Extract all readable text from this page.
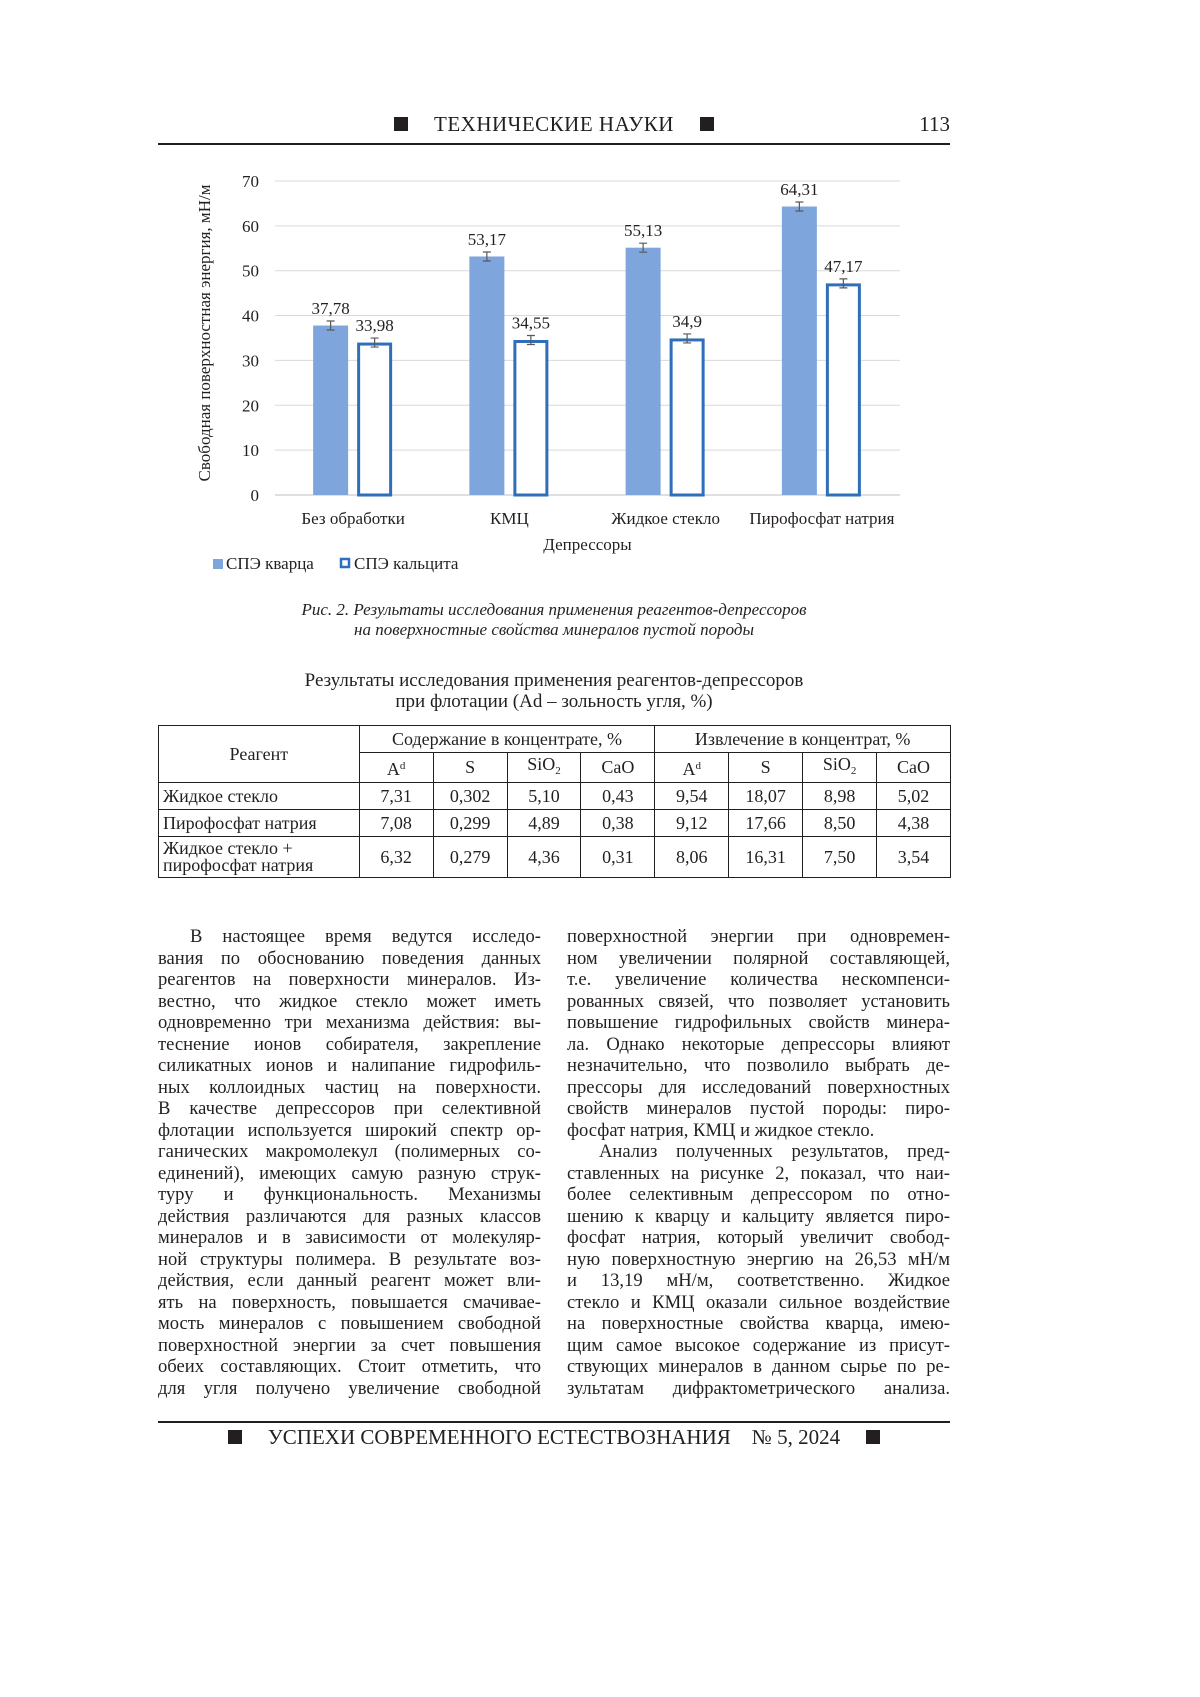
ТЕХНИЧЕСКИЕ НАУКИ	113
0
10
20
30
40
50
60
70
37,78
33,98
Без обработки
53,17
34,55
КМЦ
55,13
34,9
Жидкое стекло
64,31
47,17
Пирофосфат натрия
Депрессоры
Свободная поверхностная энергия, мН/м
СПЭ кварца СПЭ кальцита
Рис. 2. Результаты исследования применения реагентов-депрессоров
на поверхностные свойства минералов пустой породы
Результаты исследования применения реагентов-депрессоров
при флотации (Ad – зольность угля, %)
Реагент	Содержание в концентрате, %	Извлечение в концентрат, %
Ad	S	SiO2	CaO	Ad	S	SiO2	CaO
Жидкое стекло	7,31	0,302	5,10	0,43	9,54	18,07	8,98	5,02
Пирофосфат натрия	7,08	0,299	4,89	0,38	9,12	17,66	8,50	4,38
Жидкое стекло +
пирофосфат натрия	6,32	0,279	4,36	0,31	8,06	16,31	7,50	3,54
В настоящее время ведутся исследо-
вания по обоснованию поведения данных
реагентов на поверхности минералов. Из-
вестно, что жидкое стекло может иметь
одновременно три механизма действия: вы-
теснение ионов собирателя, закрепление
силикатных ионов и налипание гидрофиль-
ных коллоидных частиц на поверхности.
В качестве депрессоров при селективной
флотации используется широкий спектр ор-
ганических макромолекул (полимерных со-
единений), имеющих самую разную струк-
туру и функциональность. Механизмы
действия различаются для разных классов
минералов и в зависимости от молекуляр-
ной структуры полимера. В результате воз-
действия, если данный реагент может вли-
ять на поверхность, повышается смачивае-
мость минералов с повышением свободной
поверхностной энергии за счет повышения
обеих составляющих. Стоит отметить, что
для угля получено увеличение свободной
поверхностной энергии при одновремен-
ном увеличении полярной составляющей,
т.е. увеличение количества нескомпенси-
рованных связей, что позволяет установить
повышение гидрофильных свойств минера-
ла. Однако некоторые депрессоры влияют
незначительно, что позволило выбрать де-
прессоры для исследований поверхностных
свойств минералов пустой породы: пиро-
фосфат натрия, КМЦ и жидкое стекло.
Анализ полученных результатов, пред-
ставленных на рисунке 2, показал, что наи-
более селективным депрессором по отно-
шению к кварцу и кальциту является пиро-
фосфат натрия, который увеличит свобод-
ную поверхностную энергию на 26,53 мН/м
и 13,19 мН/м, соответственно. Жидкое
стекло и КМЦ оказали сильное воздействие
на поверхностные свойства кварца, имею-
щим самое высокое содержание из присут-
ствующих минералов в данном сырье по ре-
зультатам дифрактометрического анализа.
УСПЕХИ СОВРЕМЕННОГО ЕСТЕСТВОЗНАНИЯ № 5, 2024
